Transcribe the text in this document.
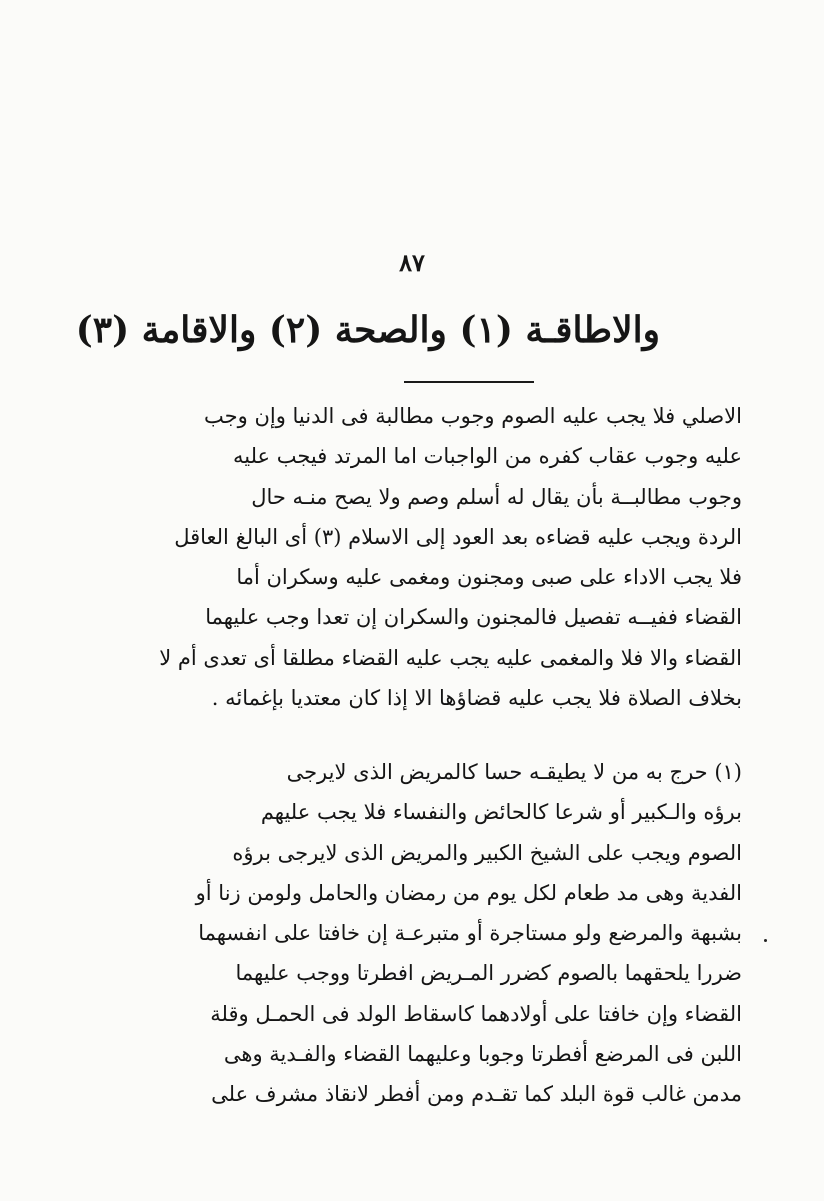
٨٧
والاطاقـة (١) والصحة (٢) والاقامة (٣)
الاصلي فلا يجب عليه الصوم وجوب مطالبة فى الدنيا وإن وجب
عليه وجوب عقاب كفره من الواجبات اما المرتد فيجب عليه
وجوب مطالبــة بأن يقال له أسلم وصم ولا يصح منـه حال
الردة ويجب عليه قضاءه بعد العود إلى الاسلام (٣) أى البالغ العاقل
فلا يجب الاداء على صبى ومجنون ومغمى عليه وسكران أما
القضاء ففيــه تفصيل فالمجنون والسكران إن تعدا وجب عليهما
القضاء والا فلا والمغمى عليه يجب عليه القضاء مطلقا أى تعدى أم لا
بخلاف الصلاة فلا يجب عليه قضاؤها الا إذا كان معتديا بإغمائه .
(١) حرج به من لا يطيقـه حسا كالمريض الذى لايرجى
برؤه والـكبير أو شرعا كالحائض والنفساء فلا يجب عليهم
الصوم ويجب على الشيخ الكبير والمريض الذى لايرجى برؤه
الفدية وهى مد طعام لكل يوم من رمضان والحامل ولومن زنا أو
بشبهة والمرضع ولو مستاجرة أو متبرعـة إن خافتا على انفسهما
ضررا يلحقهما بالصوم كضرر المـريض افطرتا ووجب عليهما
القضاء وإن خافتا على أولادهما كاسقاط الولد فى الحمـل وقلة
اللبن فى المرضع أفطرتا وجوبا وعليهما القضاء والفـدية وهى
مدمن غالب قوة البلد كما تقـدم ومن أفطر لانقاذ مشرف على
